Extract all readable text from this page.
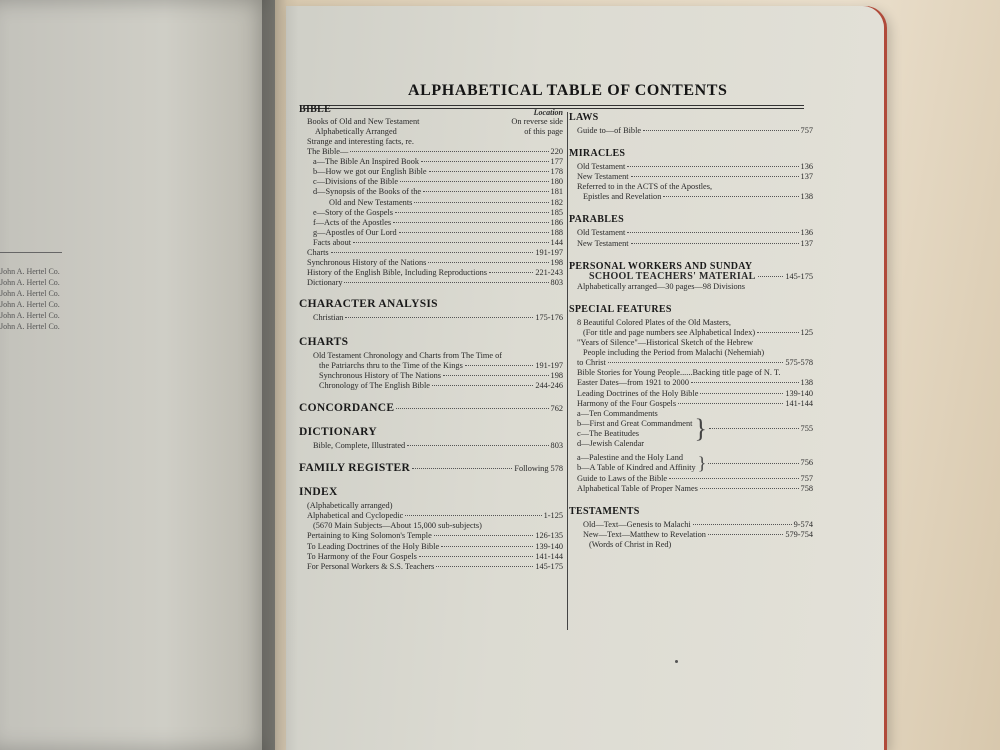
John A. Hertel Co.
John A. Hertel Co.
John A. Hertel Co.
John A. Hertel Co.
John A. Hertel Co.
John A. Hertel Co.
ALPHABETICAL TABLE OF CONTENTS
BIBLE	Location
Books of Old and New Testament
Alphabetically Arranged
On reverse side
of this page
Strange and interesting facts, re.
The Bible—	220
a—The Bible An Inspired Book	177
b—How we got our English Bible	178
c—Divisions of the Bible	180
d—Synopsis of the Books of the	181
Old and New Testaments	182
e—Story of the Gospels	185
f—Acts of the Apostles	186
g—Apostles of Our Lord	188
Facts about	144
Charts	191-197
Synchronous History of the Nations	198
History of the English Bible, Including Reproductions	221-243
Dictionary	803
CHARACTER ANALYSIS
Christian	175-176
CHARTS
Old Testament Chronology and Charts from The Time of
the Patriarchs thru to the Time of the Kings	191-197
Synchronous History of The Nations	198
Chronology of The English Bible	244-246
CONCORDANCE	762
DICTIONARY
Bible, Complete, Illustrated	803
FAMILY REGISTER	Following 578
INDEX
(Alphabetically arranged)
Alphabetical and Cyclopedic	1-125
(5670 Main Subjects—About 15,000 sub-subjects)
Pertaining to King Solomon's Temple	126-135
To Leading Doctrines of the Holy Bible	139-140
To Harmony of the Four Gospels	141-144
For Personal Workers & S.S. Teachers	145-175
LAWS
Guide to—of Bible	757
MIRACLES
Old Testament	136
New Testament	137
Referred to in the ACTS of the Apostles,
Epistles and Revelation	138
PARABLES
Old Testament	136
New Testament	137
PERSONAL WORKERS AND SUNDAY
SCHOOL TEACHERS' MATERIAL	145-175
Alphabetically arranged—30 pages—98 Divisions
SPECIAL FEATURES
8 Beautiful Colored Plates of the Old Masters,
(For title and page numbers see Alphabetical Index)	125
"Years of Silence"—Historical Sketch of the Hebrew
People including the Period from Malachi (Nehemiah)
to Christ	575-578
Bible Stories for Young People......Backing title page of N. T.
Easter Dates—from 1921 to 2000	138
Leading Doctrines of the Holy Bible	139-140
Harmony of the Four Gospels	141-144
a—Ten Commandments
b—First and Great Commandment
c—The Beatitudes
d—Jewish Calendar
}	755
a—Palestine and the Holy Land
b—A Table of Kindred and Affinity }	756
Guide to Laws of the Bible	757
Alphabetical Table of Proper Names	758
TESTAMENTS
Old—Text—Genesis to Malachi	9-574
New—Text—Matthew to Revelation	579-754
(Words of Christ in Red)
